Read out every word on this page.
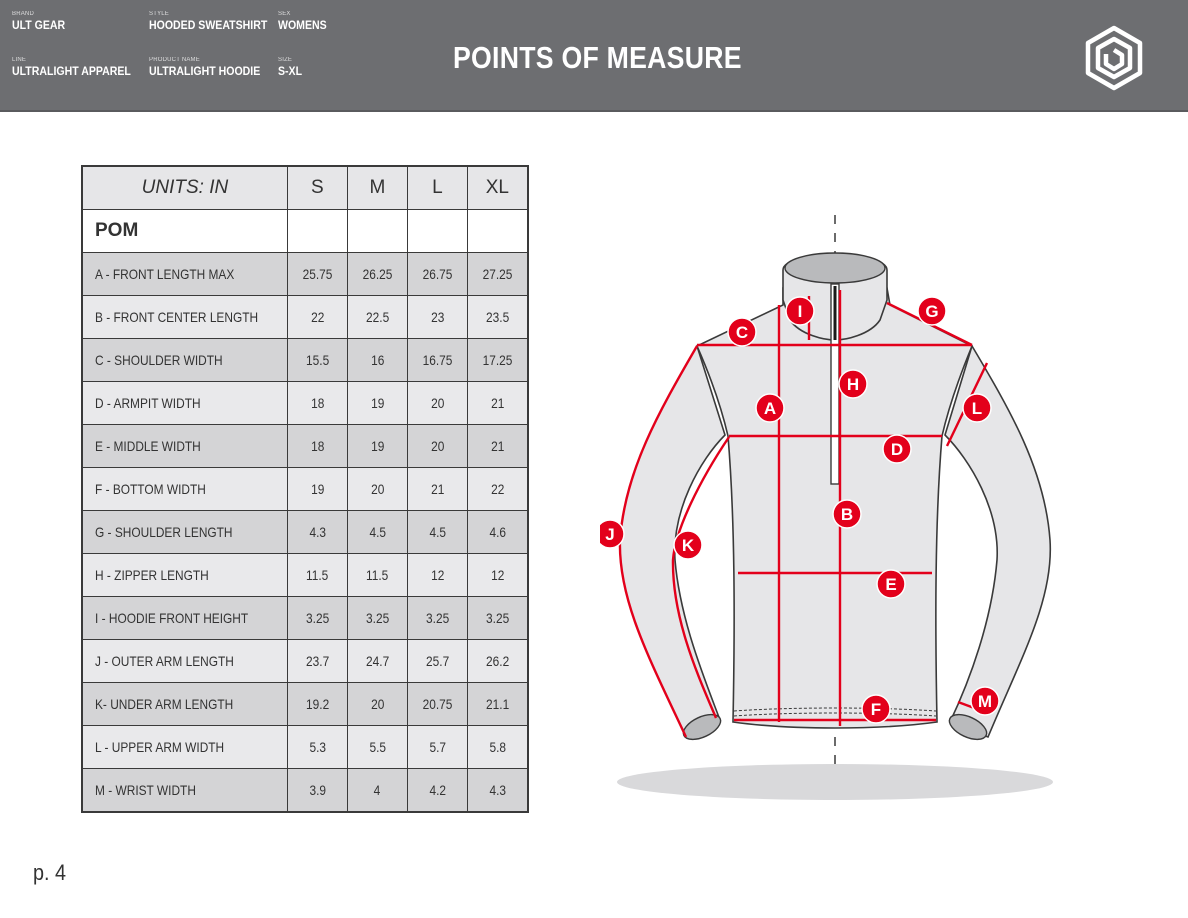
BRAND
ULT GEAR
STYLE
HOODED SWEATSHIRT
SEX
WOMENS
LINE
ULTRALIGHT APPAREL
PRODUCT NAME
ULTRALIGHT HOODIE
SIZE
S-XL	POINTS OF MEASURE
UNITS: IN	S	M	L	XL
POM				
A - FRONT LENGTH MAX	25.75	26.25	26.75	27.25
B - FRONT CENTER LENGTH	22	22.5	23	23.5
C - SHOULDER WIDTH	15.5	16	16.75	17.25
D - ARMPIT WIDTH	18	19	20	21
E - MIDDLE WIDTH	18	19	20	21
F - BOTTOM WIDTH	19	20	21	22
G - SHOULDER LENGTH	4.3	4.5	4.5	4.6
H - ZIPPER LENGTH	11.5	11.5	12	12
I - HOODIE FRONT HEIGHT	3.25	3.25	3.25	3.25
J - OUTER ARM LENGTH	23.7	24.7	25.7	26.2
K- UNDER ARM LENGTH	19.2	20	20.75	21.1
L - UPPER ARM WIDTH	5.3	5.5	5.7	5.8
M - WRIST WIDTH	3.9	4	4.2	4.3
A
B
C
D
E
F
G
H
I
J
K
L
M
p. 4
